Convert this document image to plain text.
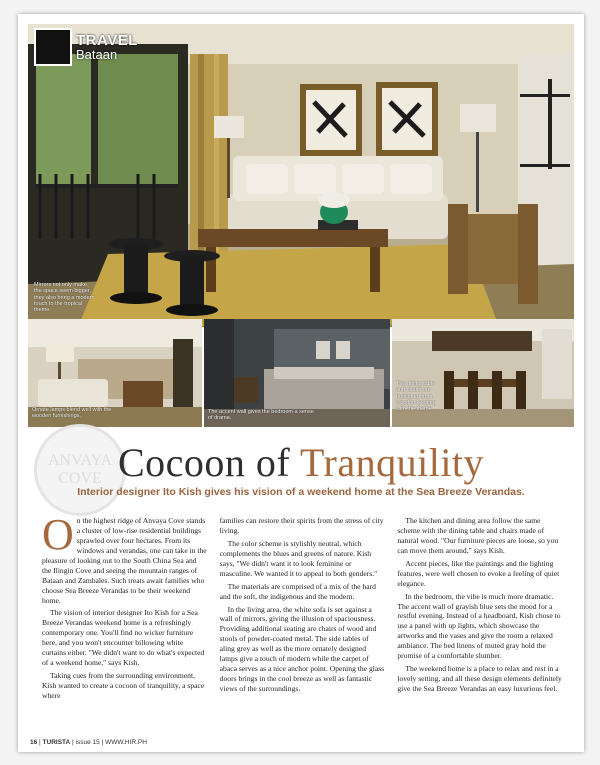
TRAVEL
Bataan
Mirrors not only make the space seem bigger, they also bring a modern touch to the tropical theme.
Ornate lamps blend well with the wooden furnishings.
The accent wall gives the bedroom a sense of drama.
The dining table and chairs are fashioned from wood in keeping with the theme.
ANVAYA
COVE Cocoon of Tranquility
Interior designer Ito Kish gives his vision of a weekend home at the Sea Breeze Verandas.

On the highest ridge of Anvaya Cove stands a cluster of low-rise residential buildings sprawled over four hectares. From its windows and verandas, one can take in the pleasure of looking out to the South China Sea and the Ilingin Cove and seeing the mountain ranges of Bataan and Zambales. Such treats await families who choose Sea Breeze Verandas to be their weekend home.

The vision of interior designer Ito Kish for a Sea Breeze Verandas weekend home is a refreshingly contemporary one. You'll find no wicker furniture here, and you won't encounter billowing white curtains either. "We didn't want to do what's expected of a weekend home," says Kish.

Taking cues from the surrounding environment, Kish wanted to create a cocoon of tranquility, a space where

families can restore their spirits from the stress of city living.

The color scheme is stylishly neutral, which complements the blues and greens of nature. Kish says, "We didn't want it to look feminine or masculine. We wanted it to appeal to both genders."

The materials are comprised of a mix of the hard and the soft, the indigenous and the modern.

In the living area, the white sofa is set against a wall of mirrors, giving the illusion of spaciousness. Providing additional seating are chairs of wood and stools of powder-coated metal. The side tables of aling grey as well as the more ornately designed lamps give a touch of modern while the carpet of abaca serves as a nice anchor point. Opening the glass doors brings in the cool breeze as well as fantastic views of the surroundings.

The kitchen and dining area follow the same scheme with the dining table and chairs made of natural wood. "Our furniture pieces are loose, so you can move them around," says Kish.

Accent pieces, like the paintings and the lighting features, were well chosen to evoke a feeling of quiet elegance.

In the bedroom, the vibe is much more dramatic. The accent wall of grayish blue sets the mood for a restful evening. Instead of a headboard, Kish chose to use a panel with up lights, which showcase the artworks and the vases and give the room a relaxed ambiance. The bed linens of muted gray hold the promise of a comfortable slumber.

The weekend home is a place to relax and rest in a lovely setting, and all these design elements definitely give the Sea Breeze Verandas an easy luxurious feel.

16 | TURISTA | issue 15 | WWW.HIR.PH
